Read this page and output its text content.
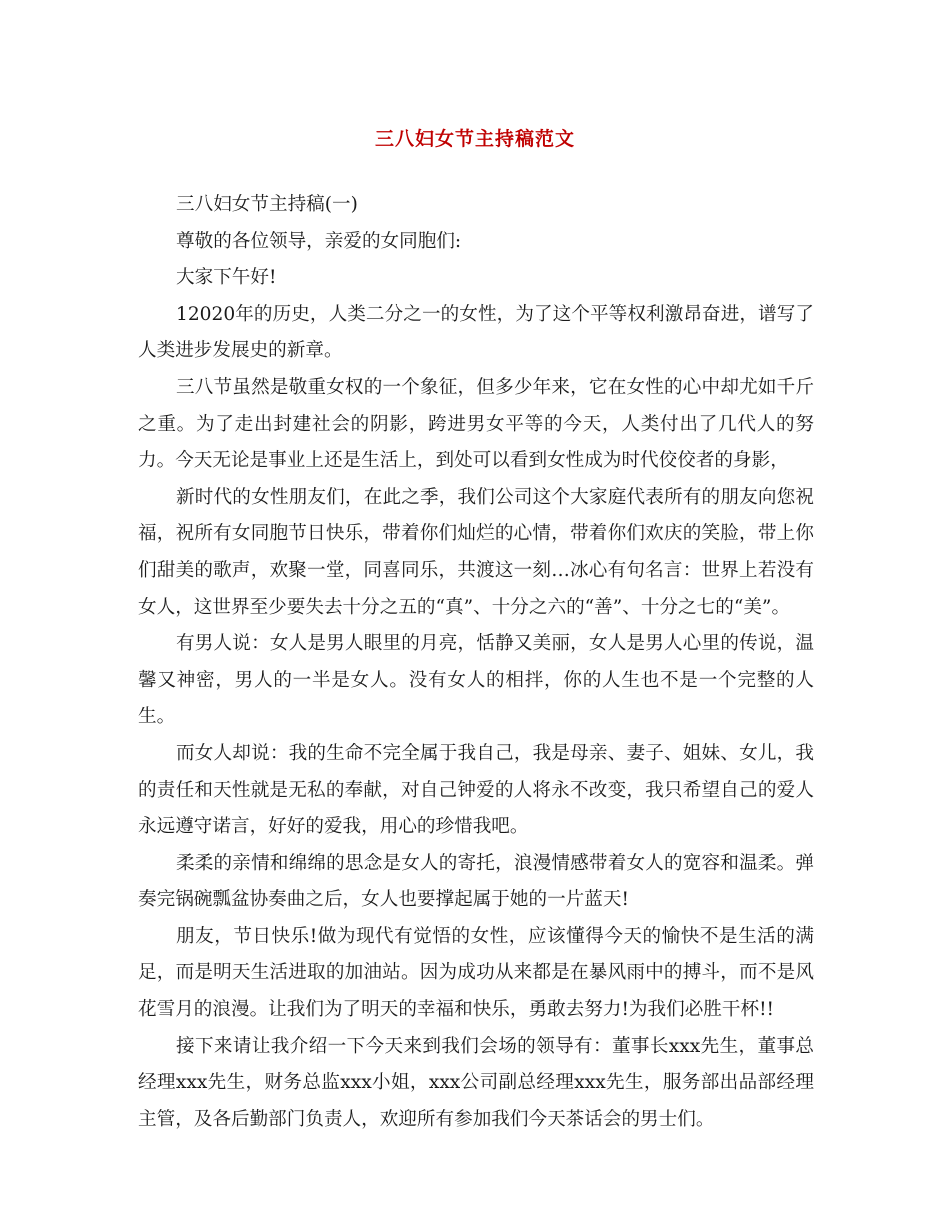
三八妇女节主持稿范文

三八妇女节主持稿(一)

尊敬的各位领导，亲爱的女同胞们:

大家下午好!

12020年的历史，人类二分之一的女性，为了这个平等权利激昂奋进，谱写了人类进步发展史的新章。

三八节虽然是敬重女权的一个象征，但多少年来，它在女性的心中却尤如千斤之重。为了走出封建社会的阴影，跨进男女平等的今天，人类付出了几代人的努力。今天无论是事业上还是生活上，到处可以看到女性成为时代佼佼者的身影，

新时代的女性朋友们，在此之季，我们公司这个大家庭代表所有的朋友向您祝福，祝所有女同胞节日快乐，带着你们灿烂的心情，带着你们欢庆的笑脸，带上你们甜美的歌声，欢聚一堂，同喜同乐，共渡这一刻…冰心有句名言：世界上若没有女人，这世界至少要失去十分之五的“真”、十分之六的“善”、十分之七的“美”。

有男人说：女人是男人眼里的月亮，恬静又美丽，女人是男人心里的传说，温馨又神密，男人的一半是女人。没有女人的相拌，你的人生也不是一个完整的人生。

而女人却说：我的生命不完全属于我自己，我是母亲、妻子、姐妹、女儿，我的责任和天性就是无私的奉献，对自己钟爱的人将永不改变，我只希望自己的爱人永远遵守诺言，好好的爱我，用心的珍惜我吧。

柔柔的亲情和绵绵的思念是女人的寄托，浪漫情感带着女人的宽容和温柔。弹奏完锅碗瓢盆协奏曲之后，女人也要撑起属于她的一片蓝天!

朋友，节日快乐!做为现代有觉悟的女性，应该懂得今天的愉快不是生活的满足，而是明天生活进取的加油站。因为成功从来都是在暴风雨中的搏斗，而不是风花雪月的浪漫。让我们为了明天的幸福和快乐，勇敢去努力!为我们必胜干杯!!

接下来请让我介绍一下今天来到我们会场的领导有：董事长xxx先生，董事总经理xxx先生，财务总监xxx小姐，xxx公司副总经理xxx先生，服务部出品部经理主管，及各后勤部门负责人，欢迎所有参加我们今天茶话会的男士们。
